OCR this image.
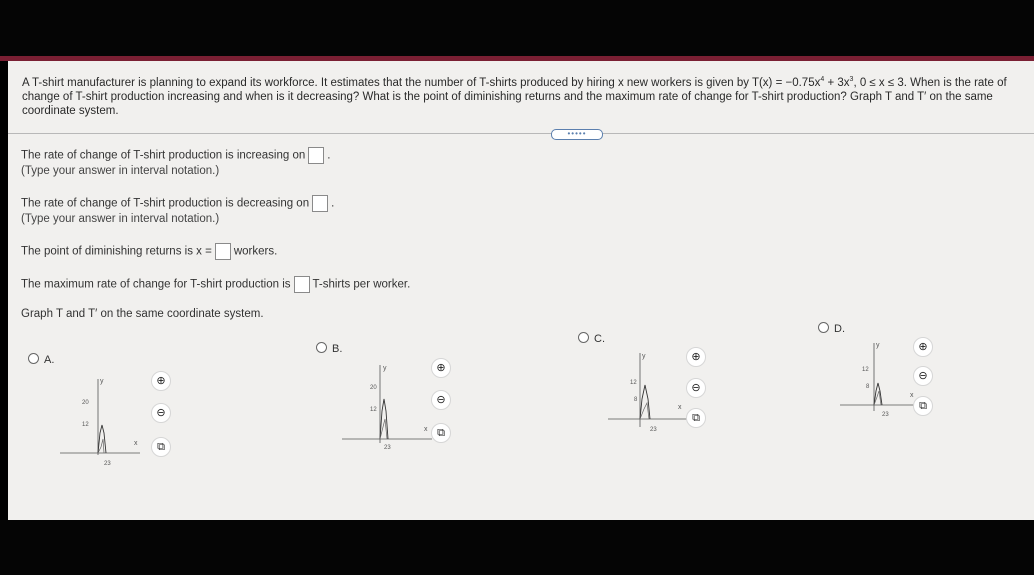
A T-shirt manufacturer is planning to expand its workforce. It estimates that the number of T-shirts produced by hiring x new workers is given by $T(x) = -0.75x^4 + 3x^3$, 0 ≤ x ≤ 3. When is the rate of change of T-shirt production increasing and when is it decreasing? What is the point of diminishing returns and the maximum rate of change for T-shirt production? Graph T and T′ on the same coordinate system.
•••••
The rate of change of T-shirt production is increasing on .
(Type your answer in interval notation.)
The rate of change of T-shirt production is decreasing on .
(Type your answer in interval notation.)
The point of diminishing returns is x = workers.
The maximum rate of change for T-shirt production is T-shirts per worker.
Graph T and T′ on the same coordinate system.
A.
y
x
20
12
23
⊕
⊖
⧉
B.
y
x
20
12
23
⊕
⊖
⧉
C.
y
x
12
8
23
⊕
⊖
⧉
D.
y
x
12
8
23
⊕
⊖
⧉
